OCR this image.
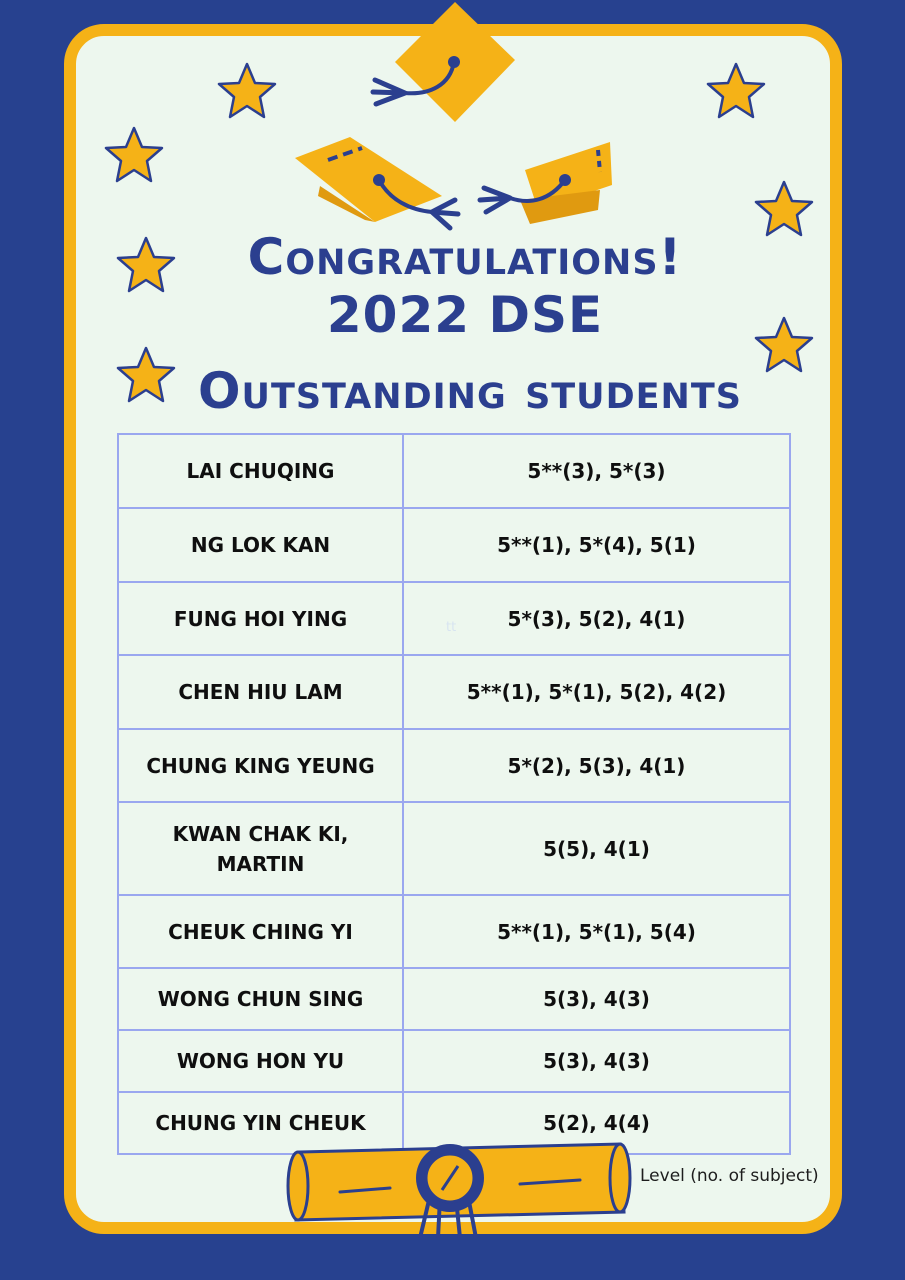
Congratulations!
2022 DSE
Outstanding students
LAI CHUQING	5**(3), 5*(3)
NG LOK KAN	5**(1), 5*(4), 5(1)
FUNG HOI YING	5*(3), 5(2), 4(1)
CHEN HIU LAM	5**(1), 5*(1), 5(2), 4(2)
CHUNG KING YEUNG	5*(2), 5(3), 4(1)
KWAN CHAK KI, MARTIN	5(5), 4(1)
CHEUK CHING YI	5**(1), 5*(1), 5(4)
WONG CHUN SING	5(3), 4(3)
WONG HON YU	5(3), 4(3)
CHUNG YIN CHEUK	5(2), 4(4)
tt
Level (no. of subject)
